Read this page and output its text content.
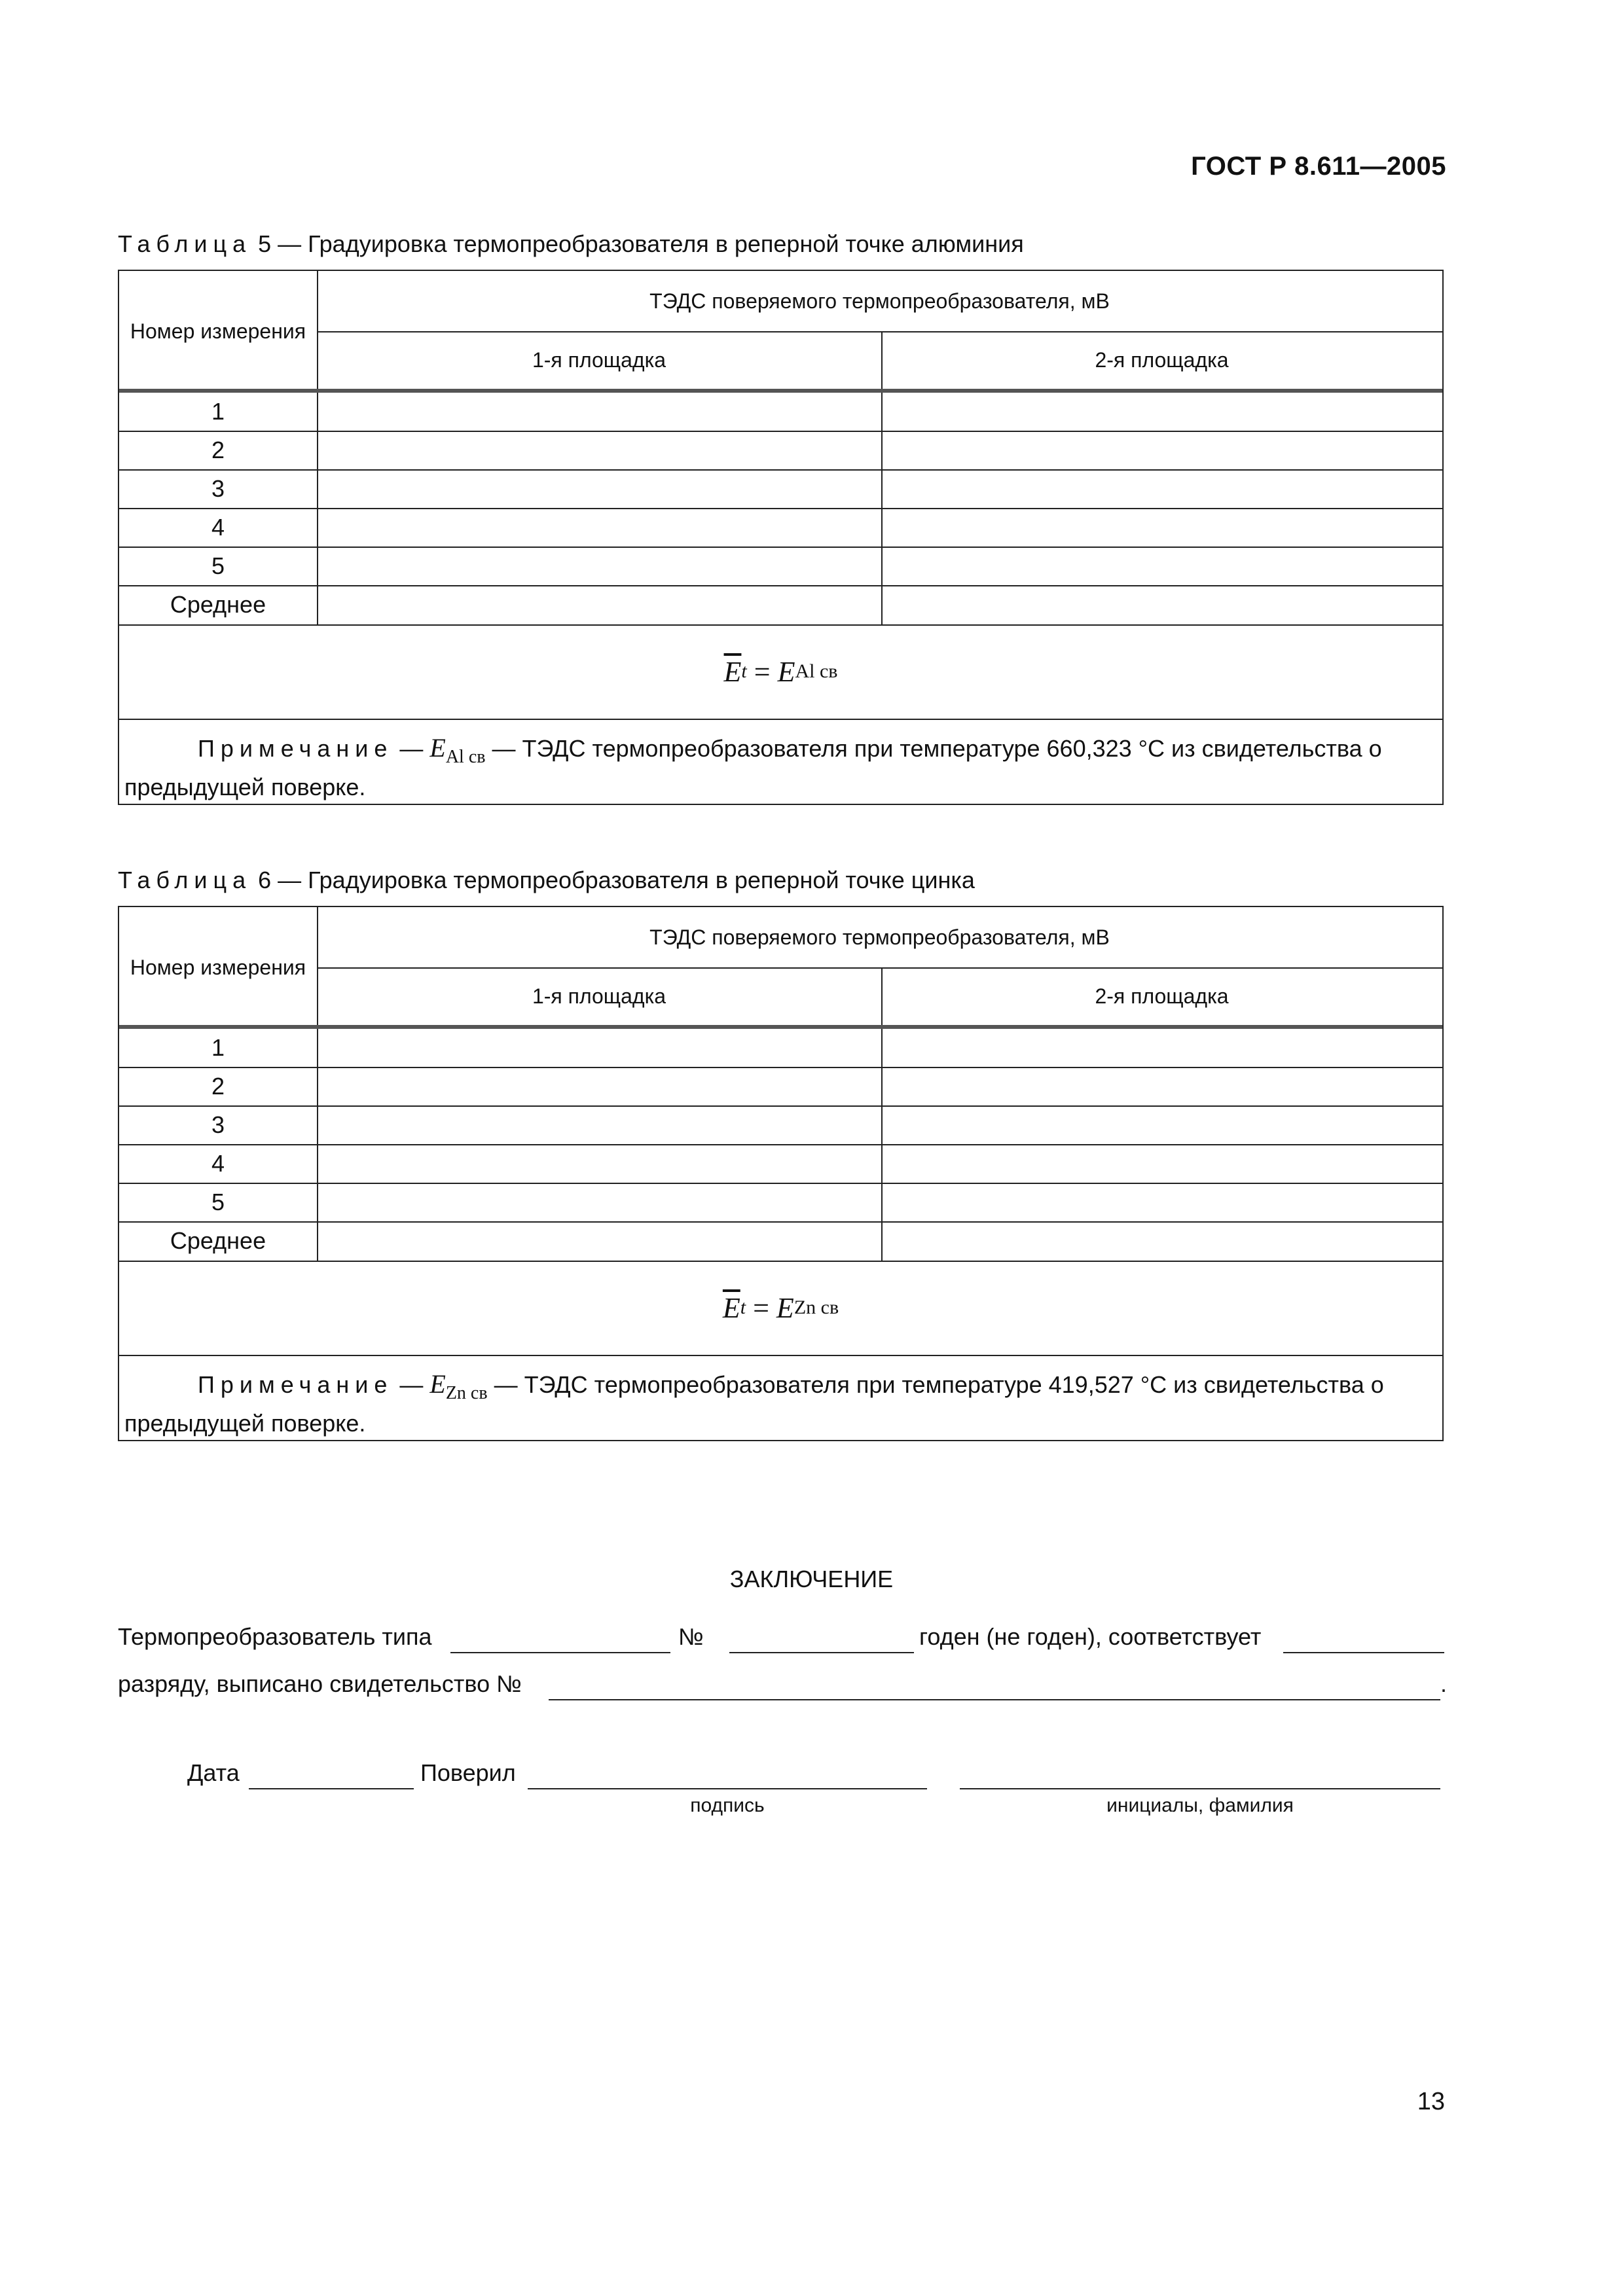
ГОСТ Р 8.611—2005
Таблица 5 — Градуировка термопреобразователя в реперной точке алюминия
Номер измерения
ТЭДС поверяемого термопреобразователя, мВ
1-я площадка	2-я площадка
1
2
3
4
5
Среднее
$\overline{E}$ t = E Al св
Примечание — $E_{Al св}$ — ТЭДС термопреобразователя при температуре 660,323 °С из свидетельства о предыдущей поверке.
Таблица 6 — Градуировка термопреобразователя в реперной точке цинка
Номер измерения
ТЭДС поверяемого термопреобразователя, мВ
1-я площадка	2-я площадка
1
2
3
4
5
Среднее
$\overline{E}$ t = E Zn св
Примечание — $E_{Zn св}$ — ТЭДС термопреобразователя при температуре 419,527 °С из свидетельства о предыдущей поверке.
ЗАКЛЮЧЕНИЕ
Термопреобразователь типа	№	годен (не годен), соответствует
разряду, выписано свидетельство №	.
Дата	Поверил
подпись	инициалы, фамилия
13
